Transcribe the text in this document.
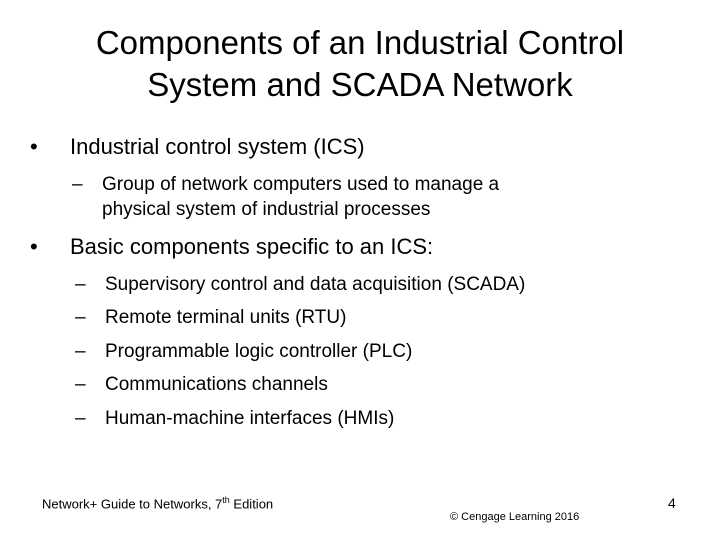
Components of an Industrial Control
System and SCADA Network
• Industrial control system (ICS)
– Group of network computers used to manage a
physical system of industrial processes
• Basic components specific to an ICS:
– Supervisory control and data acquisition (SCADA)
– Remote terminal units (RTU)
– Programmable logic controller (PLC)
– Communications channels
– Human-machine interfaces (HMIs)
Network+ Guide to Networks, 7th Edition
© Cengage Learning 2016
4
